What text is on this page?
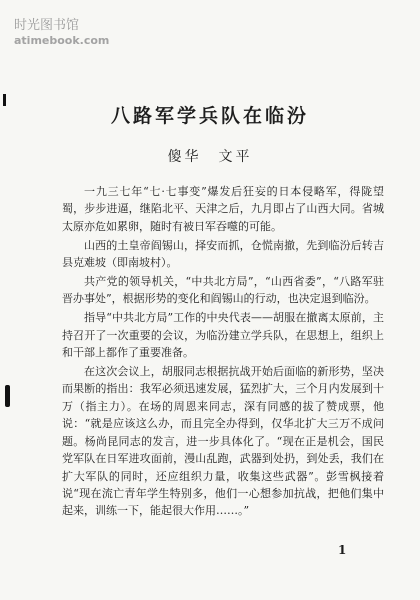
时光图书馆
atimebook.com
八路军学兵队在临汾
傻华　文平

一九三七年“七·七事变”爆发后狂妄的日本侵略军，得陇望蜀，步步进逼，继陷北平、天津之后，九月即占了山西大同。省城太原亦危如累卵，随时有被日军吞噬的可能。

山西的土皇帝阎锡山，择安而抓，仓慌南撤，先到临汾后转吉县克难坡（即南坡村）。

共产党的领导机关，“中共北方局”，“山西省委”，“八路军驻晋办事处”，根据形势的变化和阎锡山的行动，也决定退到临汾。

指导“中共北方局”工作的中央代表——胡服在撤离太原前，主持召开了一次重要的会议，为临汾建立学兵队，在思想上，组织上和干部上都作了重要准备。

在这次会议上，胡服同志根据抗战开始后面临的新形势，坚决而果断的指出：我军必须迅速发展，猛烈扩大，三个月内发展到十万（指主力）。在场的周恩来同志，深有同感的拔了赞成票，他说：“就是应该这么办，而且完全办得到，仅华北扩大三万不成问题。杨尚昆同志的发言，进一步具体化了。“现在正是机会，国民党军队在日军进攻面前，漫山乱跑，武器到处扔，到处丢，我们在扩大军队的同时，还应组织力量，收集这些武器”。彭雪枫接着说“现在流亡青年学生特别多，他们一心想参加抗战，把他们集中起来，训练一下，能起很大作用……。”

1
